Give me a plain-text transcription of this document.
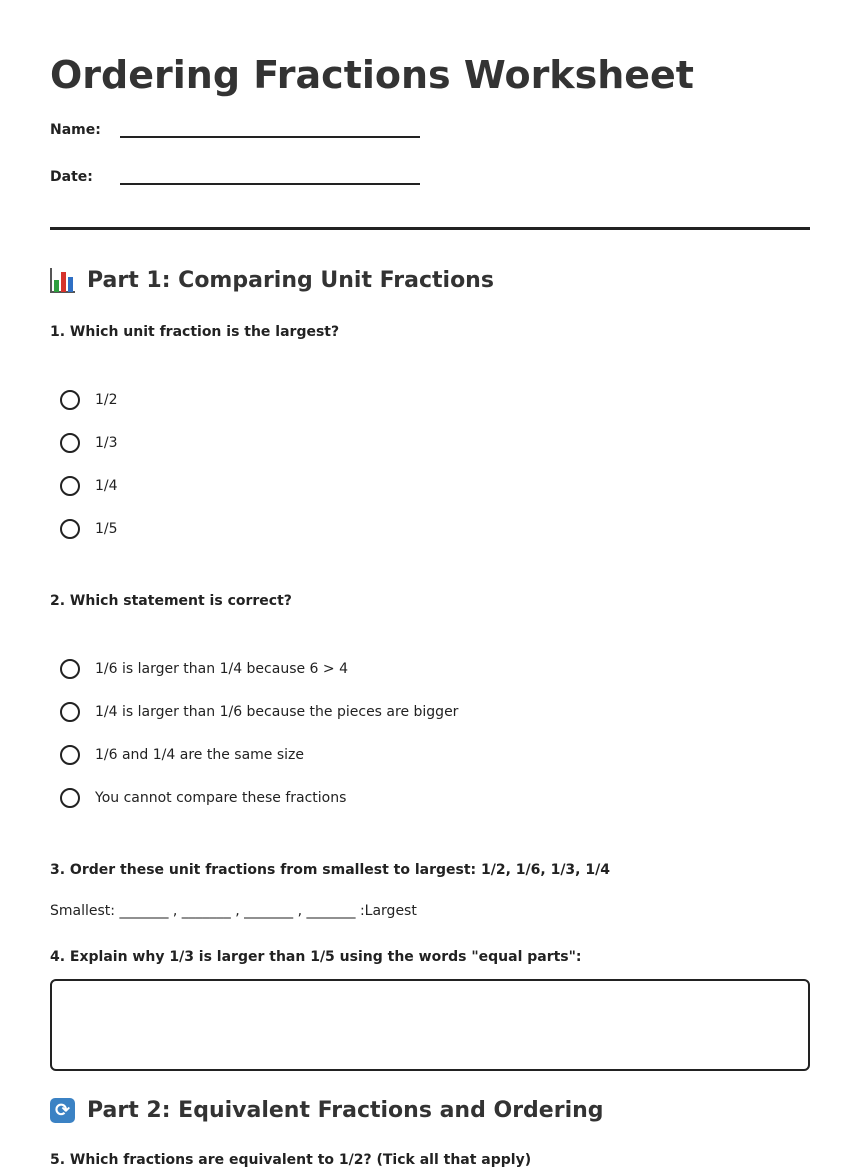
Ordering Fractions Worksheet
Name:
Date:
Part 1: Comparing Unit Fractions
1. Which unit fraction is the largest?
1/2
1/3
1/4
1/5
2. Which statement is correct?
1/6 is larger than 1/4 because 6 > 4
1/4 is larger than 1/6 because the pieces are bigger
1/6 and 1/4 are the same size
You cannot compare these fractions
3. Order these unit fractions from smallest to largest: 1/2, 1/6, 1/3, 1/4
Smallest: _______ , _______ , _______ , _______ :Largest
4. Explain why 1/3 is larger than 1/5 using the words "equal parts":
⟳ Part 2: Equivalent Fractions and Ordering
5. Which fractions are equivalent to 1/2? (Tick all that apply)
